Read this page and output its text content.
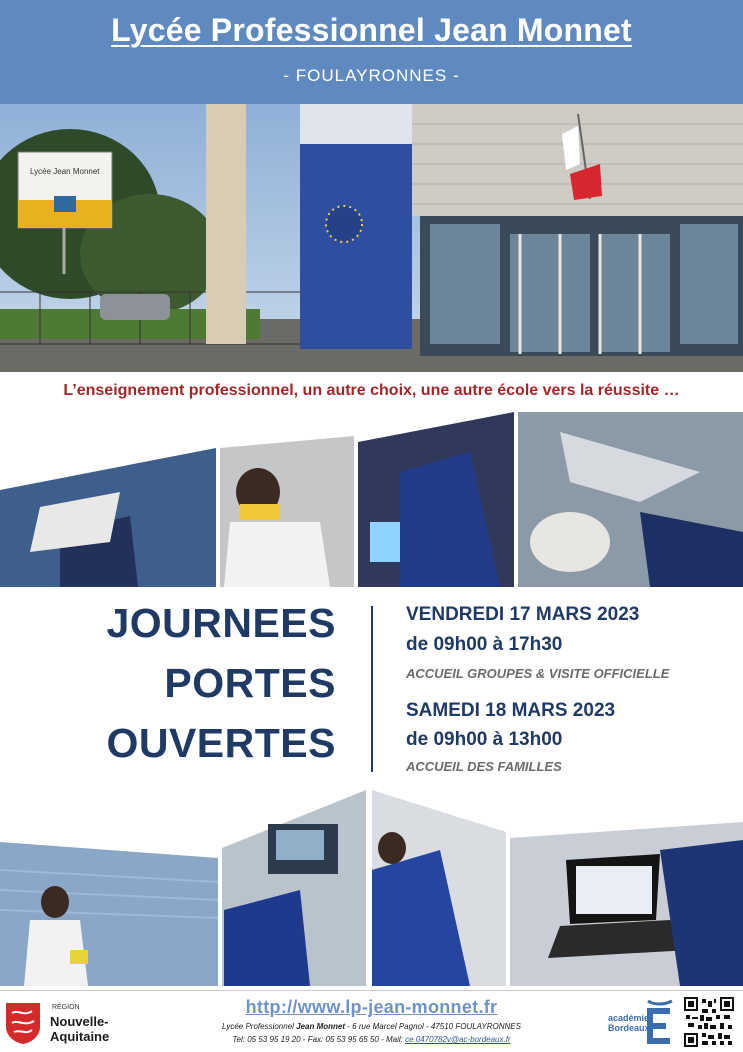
Lycée Professionnel Jean Monnet
- FOULAYRONNES -
Lycée Jean Monnet
L’enseignement professionnel, un autre choix, une autre école vers la réussite …
JOURNEES
PORTES
OUVERTES
VENDREDI 17 MARS 2023
de 09h00 à 17h30
ACCUEIL GROUPES & VISITE OFFICIELLE
SAMEDI 18 MARS 2023
de 09h00 à 13h00
ACCUEIL DES FAMILLES
RÉGION
Nouvelle-
Aquitaine
http://www.lp-jean-monnet.fr
Lycée Professionnel Jean Monnet - 6 rue Marcel Pagnol - 47510 FOULAYRONNES
Tel: 05 53 95 19 20 - Fax: 05 53 95 65 50 - Mail: ce.0470782v@ac-bordeaux.fr
académie
Bordeaux
